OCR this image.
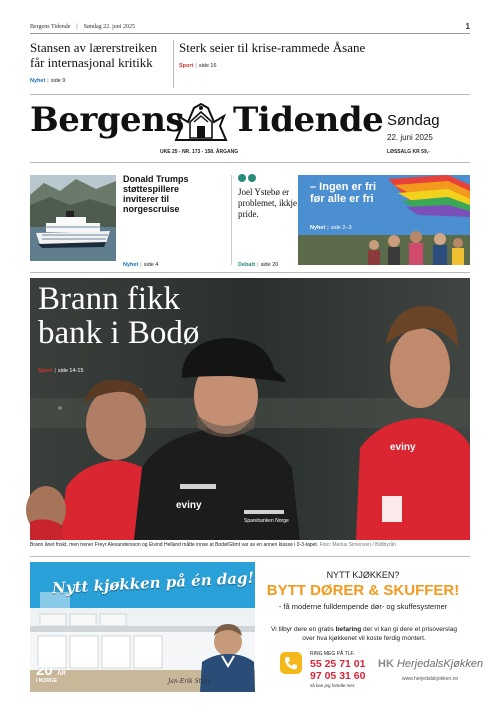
Bergens Tidende | Søndag 22. juni 2025	1
Stansen av lærerstreiken får internasjonal kritikk
Nyhet | side 9
Sterk seier til krise-rammede Åsane
Sport | side 16
Bergens Tidende Søndag
22. juni 2025
UKE 25 - NR. 173 - 158. ÅRGANG	LØSSALG KR 59,-
Donald Trumps støttespillere inviterer til norgescruise
Nyhet | side 4
Joel Ystebø er problemet, ikkje pride.
Debatt | side 20
– Ingen er fri før alle er fri
Nyhet | side 2–3
Brann fikk
bank i Bodø
Sport | side 14-15
eviny
eviny
Sparebanken Norge
Brann ånet friskt, men trener Freyr Alexandersson og Eivind Helland måtte innse at Bodø/Glimt var av en annen klasse i 0-3-tapet. Foto: Marius Simensen / Bildbyrån
Nytt kjøkken på én dag!
20 ÅR
I NORGE	Jan-Erik Sture
NYTT KJØKKEN?
BYTT DØRER & SKUFFER!
- få moderne fulldempende dør- og skuffesystemer
Vi tilbyr dere en gratis befaring der vi kan gi dere et prisoverslag over hva kjøkkenet vil koste ferdig montert.
RING MEG PÅ TLF.
55 25 71 01
97 05 31 60
så kan jeg fortelle mer.
HK HerjedalsKjøkken
www.herjedalskjokken.no
